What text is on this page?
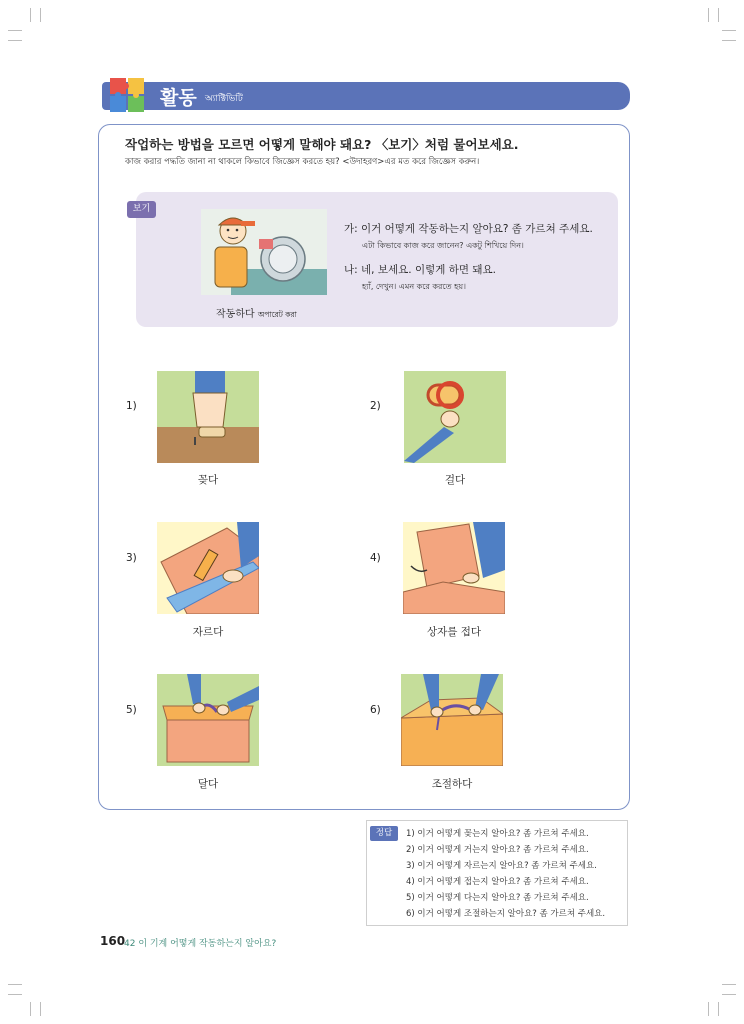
활동 অ্যাক্টিভিটি
작업하는 방법을 모르면 어떻게 말해야 돼요? 〈보기〉처럼 물어보세요.
কাজ করার পদ্ধতি জানা না থাকলে কিভাবে জিজ্ঞেস করতে হয়? <উদাহরণ>এর মত করে জিজ্ঞেস করুন।
보기
작동하다 অপারেট করা
가: 이거 어떻게 작동하는지 알아요? 좀 가르쳐 주세요.
এটা কিভাবে কাজ করে জানেন? একটু শিখিয়ে দিন।
나: 네, 보세요. 이렇게 하면 돼요.
হ্যাঁ, দেখুন। এমন করে করতে হয়।
1)
꽂다
2)
걸다
3)
자르다
4)
상자를 접다
5)
달다
6)
조절하다
정답	1) 이거 어떻게 꽂는지 알아요? 좀 가르쳐 주세요.
2) 이거 어떻게 거는지 알아요? 좀 가르쳐 주세요.
3) 이거 어떻게 자르는지 알아요? 좀 가르쳐 주세요.
4) 이거 어떻게 접는지 알아요? 좀 가르쳐 주세요.
5) 이거 어떻게 다는지 알아요? 좀 가르쳐 주세요.
6) 이거 어떻게 조절하는지 알아요? 좀 가르쳐 주세요.
160
42 이 기계 어떻게 작동하는지 알아요?
